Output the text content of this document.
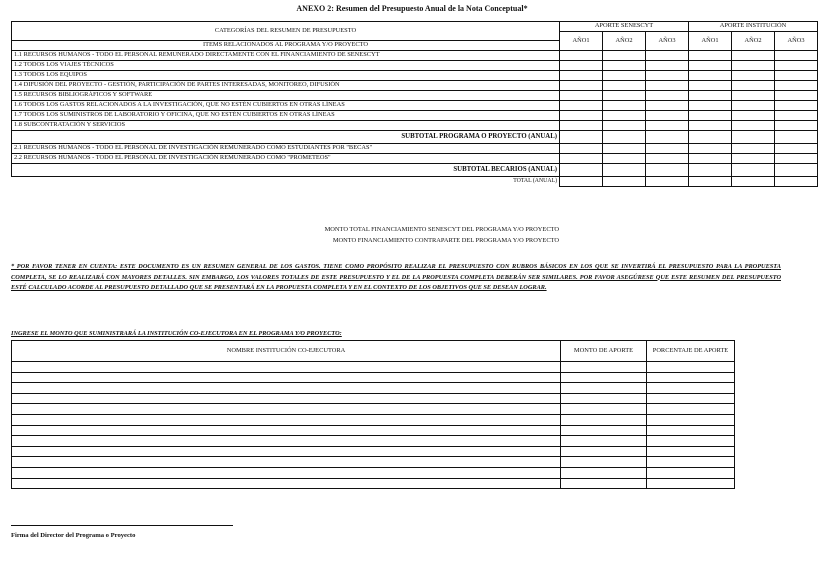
ANEXO 2: Resumen del Presupuesto Anual de la Nota Conceptual*
CATEGORÍAS DEL RESUMEN DE PRESUPUESTO	APORTE SENESCYT			APORTE INSTITUCIÓN		
	AÑO1	AÑO2	AÑO3	AÑO1	AÑO2	AÑO3
ITEMS RELACIONADOS AL PROGRAMA Y/O PROYECTO						
1.1 RECURSOS HUMANOS - TODO EL PERSONAL REMUNERADO DIRECTAMENTE CON EL FINANCIAMIENTO DE SENESCYT						
1.2 TODOS LOS VIAJES TÉCNICOS						
1.3 TODOS LOS EQUIPOS						
1.4 DIFUSIÓN DEL PROYECTO - GESTIÓN, PARTICIPACIÓN DE PARTES INTERESADAS, MONITOREO, DIFUSIÓN						
1.5 RECURSOS BIBLIOGRÁFICOS Y SOFTWARE						
1.6 TODOS LOS GASTOS RELACIONADOS A LA INVESTIGACIÓN, QUE NO ESTÉN CUBIERTOS EN OTRAS LÍNEAS						
1.7 TODOS LOS SUMINISTROS DE LABORATORIO Y OFICINA, QUE NO ESTÉN CUBIERTOS EN OTRAS LÍNEAS						
1.8 SUBCONTRATACIÓN Y SERVICIOS						
SUBTOTAL PROGRAMA O PROYECTO (ANUAL)						
2.1 RECURSOS HUMANOS - TODO EL PERSONAL DE INVESTIGACIÓN REMUNERADO COMO ESTUDIANTES POR "BECAS"						
2.2 RECURSOS HUMANOS - TODO EL PERSONAL DE INVESTIGACIÓN REMUNERADO COMO "PROMETEOS"						
SUBTOTAL BECARIOS (ANUAL)						
TOTAL (ANUAL)						
MONTO TOTAL FINANCIAMIENTO SENESCYT DEL PROGRAMA Y/O PROYECTO
MONTO FINANCIAMIENTO CONTRAPARTE DEL PROGRAMA Y/O PROYECTO
* POR FAVOR TENER EN CUENTA: ESTE DOCUMENTO ES UN RESUMEN GENERAL DE LOS GASTOS. TIENE COMO PROPÓSITO REALIZAR EL PRESUPUESTO CON RUBROS BÁSICOS EN LOS QUE SE INVERTIRÁ EL PRESUPUESTO PARA LA PROPUESTA COMPLETA, SE LO REALIZARÁ CON MAYORES DETALLES. SIN EMBARGO, LOS VALORES TOTALES DE ESTE PRESUPUESTO Y EL DE LA PROPUESTA COMPLETA DEBERÁN SER SIMILARES. POR FAVOR ASEGÚRESE QUE ESTE RESUMEN DEL PRESUPUESTO ESTÉ CALCULADO ACORDE AL PRESUPUESTO DETALLADO QUE SE PRESENTARÁ EN LA PROPUESTA COMPLETA Y EN EL CONTEXTO DE LOS OBJETIVOS QUE SE DESEAN LOGRAR.
INGRESE EL MONTO QUE SUMINISTRARÁ LA INSTITUCIÓN CO-EJECUTORA EN EL PROGRAMA Y/O PROYECTO:
NOMBRE INSTITUCIÓN CO-EJECUTORA	MONTO DE APORTE	PORCENTAJE DE APORTE

Firma del Director del Programa o Proyecto
